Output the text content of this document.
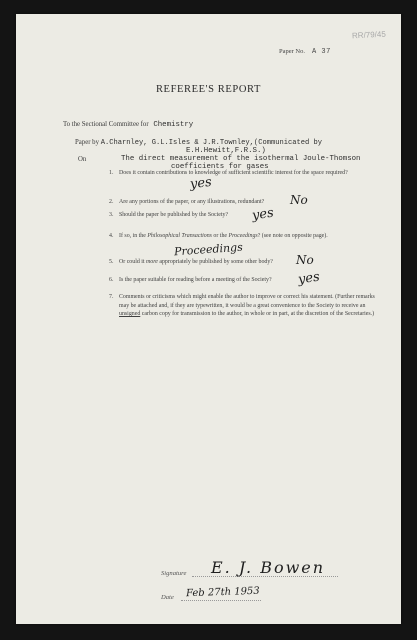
RR/79/45
Paper No. A 37
REFEREE'S REPORT
To the Sectional Committee for Chemistry
Paper by A.Charnley, G.L.Isles & J.R.Townley,(Communicated by
E.H.Hewitt,F.R.S.)
On	The direct measurement of the isothermal Joule-Thomson
coefficients for gases
1. Does it contain contributions to knowledge of sufficient scientific interest for the space required?
yes
2. Are any portions of the paper, or any illustrations, redundant?	No
3. Should the paper be published by the Society?	yes
4. If so, in the Philosophical Transactions or the Proceedings? (see note on opposite page).
Proceedings
5. Or could it more appropriately be published by some other body?	No
6. Is the paper suitable for reading before a meeting of the Society?	yes
7. Comments or criticisms which might enable the author to improve or correct his statement. (Further remarks may be attached and, if they are typewritten, it would be a great convenience to the Society to receive an unsigned carbon copy for transmission to the author, in whole or in part, at the discretion of the Secretaries.)
Signature E. J. Bowen
Date Feb 27th 1953
